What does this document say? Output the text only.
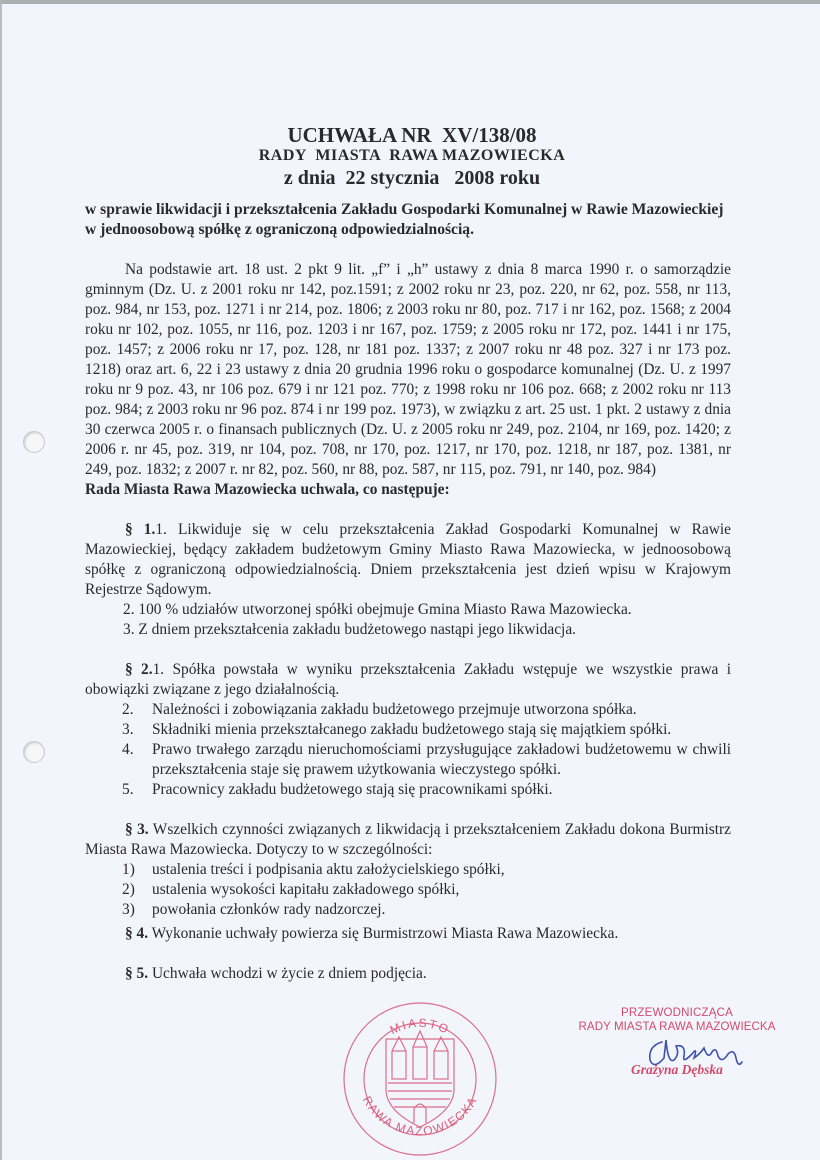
UCHWAŁA NR  XV/138/08
RADY  MIASTA  RAWA MAZOWIECKA
z dnia  22 stycznia   2008 roku
w sprawie likwidacji i przekształcenia Zakładu Gospodarki Komunalnej w Rawie Mazowieckiej w jednoosobową spółkę z ograniczoną odpowiedzialnością.
Na podstawie art. 18 ust. 2 pkt 9 lit. „f” i „h” ustawy z dnia 8 marca 1990 r. o samorządzie gminnym (Dz. U. z 2001 roku nr 142, poz.1591; z 2002 roku nr 23, poz. 220, nr 62, poz. 558, nr 113, poz. 984, nr 153, poz. 1271 i nr 214, poz. 1806; z 2003 roku nr 80, poz. 717 i nr 162, poz. 1568; z 2004 roku nr 102, poz. 1055, nr 116, poz. 1203 i nr 167, poz. 1759; z 2005 roku nr 172, poz. 1441 i nr 175, poz. 1457; z 2006 roku nr 17, poz. 128, nr 181 poz. 1337; z 2007 roku nr 48 poz. 327 i nr 173 poz. 1218) oraz art. 6, 22 i 23 ustawy z dnia 20 grudnia 1996 roku o gospodarce komunalnej (Dz. U. z 1997 roku nr 9 poz. 43, nr 106 poz. 679 i nr 121 poz. 770; z 1998 roku nr 106 poz. 668; z 2002 roku nr 113 poz. 984; z 2003 roku nr 96 poz. 874 i nr 199 poz. 1973), w związku z art. 25 ust. 1 pkt. 2 ustawy z dnia 30 czerwca 2005 r. o finansach publicznych (Dz. U. z 2005 roku nr 249, poz. 2104, nr 169, poz. 1420; z 2006 r. nr 45, poz. 319, nr 104, poz. 708, nr 170, poz. 1217, nr 170, poz. 1218, nr 187, poz. 1381, nr 249, poz. 1832; z 2007 r. nr 82, poz. 560, nr 88, poz. 587, nr 115, poz. 791, nr 140, poz. 984)
Rada Miasta Rawa Mazowiecka uchwala, co następuje:
§ 1.1. Likwiduje się w celu przekształcenia Zakład Gospodarki Komunalnej w Rawie Mazowieckiej, będący zakładem budżetowym Gminy Miasto Rawa Mazowiecka, w jednoosobową spółkę z ograniczoną odpowiedzialnością. Dniem przekształcenia jest dzień wpisu w Krajowym Rejestrze Sądowym.
2. 100 % udziałów utworzonej spółki obejmuje Gmina Miasto Rawa Mazowiecka.
3. Z dniem przekształcenia zakładu budżetowego nastąpi jego likwidacja.
§ 2.1. Spółka powstała w wyniku przekształcenia Zakładu wstępuje we wszystkie prawa i obowiązki związane z jego działalnością.
2.	Należności i zobowiązania zakładu budżetowego przejmuje utworzona spółka.
3.	Składniki mienia przekształcanego zakładu budżetowego stają się majątkiem spółki.
4.	Prawo trwałego zarządu nieruchomościami przysługujące zakładowi budżetowemu w chwili przekształcenia staje się prawem użytkowania wieczystego spółki.
5.	Pracownicy zakładu budżetowego stają się pracownikami spółki.
§ 3. Wszelkich czynności związanych z likwidacją i przekształceniem Zakładu dokona Burmistrz Miasta Rawa Mazowiecka. Dotyczy to w szczególności:
1)	ustalenia treści i podpisania aktu założycielskiego spółki,
2)	ustalenia wysokości kapitału zakładowego spółki,
3)	powołania członków rady nadzorczej.
§ 4. Wykonanie uchwały powierza się Burmistrzowi Miasta Rawa Mazowiecka.
§ 5. Uchwała wchodzi w życie z dniem podjęcia.
MIASTO
RAWA MAZOWIECKA
PRZEWODNICZĄCA
RADY MIASTA RAWA MAZOWIECKA
Grażyna Dębska
